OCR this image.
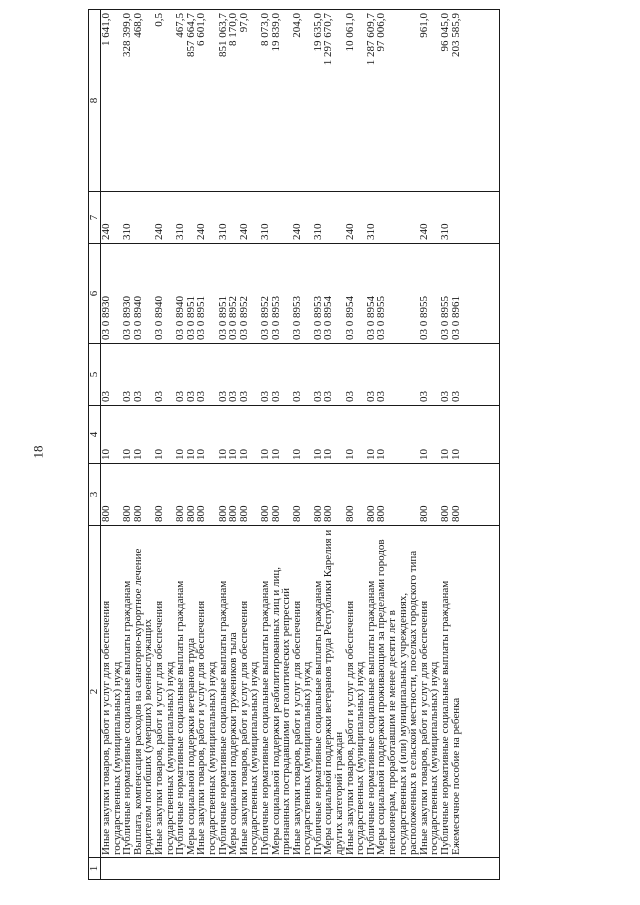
18
1	2	3	4	5	6	7	8
	Иные закупки товаров, работ и услуг для обеспечения государственных (муниципальных) нужд	800	10	03	03 0 8930	240	1 641,0
	Публичные нормативные социальные выплаты гражданам	800	10	03	03 0 8930	310	328 399,0
	Выплата, компенсация расходов на санаторно-курортное лечение родителям погибших (умерших) военнослужащих	800	10	03	03 0 8940		468,0
	Иные закупки товаров, работ и услуг для обеспечения государственных (муниципальных) нужд	800	10	03	03 0 8940	240	0,5
	Публичные нормативные социальные выплаты гражданам	800	10	03	03 0 8940	310	467,5
	Меры социальной поддержки ветеранов труда	800	10	03	03 0 8951		857 664,7
	Иные закупки товаров, работ и услуг для обеспечения государственных (муниципальных) нужд	800	10	03	03 0 8951	240	6 601,0
	Публичные нормативные социальные выплаты гражданам	800	10	03	03 0 8951	310	851 063,7
	Меры социальной поддержки тружеников тыла	800	10	03	03 0 8952		8 170,0
	Иные закупки товаров, работ и услуг для обеспечения государственных (муниципальных) нужд	800	10	03	03 0 8952	240	97,0
	Публичные нормативные социальные выплаты гражданам	800	10	03	03 0 8952	310	8 073,0
	Меры социальной поддержки реабилитированных лиц и лиц, признанных пострадавшими от политических репрессий	800	10	03	03 0 8953		19 839,0
	Иные закупки товаров, работ и услуг для обеспечения государственных (муниципальных) нужд	800	10	03	03 0 8953	240	204,0
	Публичные нормативные социальные выплаты гражданам	800	10	03	03 0 8953	310	19 635,0
	Меры социальной поддержки ветеранов труда Республики Карелия и других категорий граждан	800	10	03	03 0 8954		1 297 670,7
	Иные закупки товаров, работ и услуг для обеспечения государственных (муниципальных) нужд	800	10	03	03 0 8954	240	10 061,0
	Публичные нормативные социальные выплаты гражданам	800	10	03	03 0 8954	310	1 287 609,7
	Меры социальной поддержки проживающим за пределами городов пенсионерам, проработавшим не менее десяти лет в государственных и (или) муниципальных учреждениях, расположенных в сельской местности, поселках городского типа	800	10	03	03 0 8955		97 006,0
	Иные закупки товаров, работ и услуг для обеспечения государственных (муниципальных) нужд	800	10	03	03 0 8955	240	961,0
	Публичные нормативные социальные выплаты гражданам	800	10	03	03 0 8955	310	96 045,0
	Ежемесячное пособие на ребенка	800	10	03	03 0 8961		203 585,9
